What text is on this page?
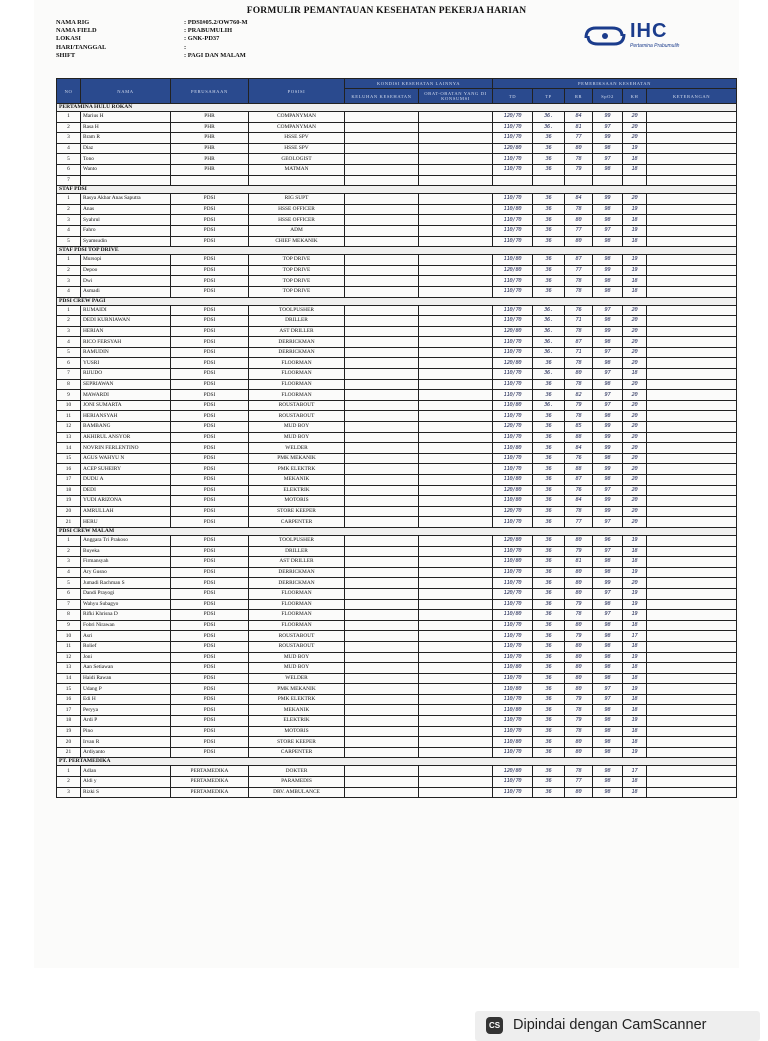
FORMULIR PEMANTAUAN KESEHATAN PEKERJA HARIAN
NAMA RIG	: PDSI#05.2/OW760-M
NAMA FIELD	: PRABUMULIH
LOKASI	: GNK-PD37
HARI/TANGGAL	:
SHIFT	: PAGI DAN MALAM
IHC
Pertamina Prabumulih
NO	NAMA	PERUSAHAAN	POSISI	KONDISI KESEHATAN LAINNYA		PEMERIKSAAN KESEHATAN					
				KELUHAN KESEHATAN	OBAT-OBATAN YANG DI KONSUMSI	TD	TP	RR	SpO2	KH	KETERANGAN
PERTAMINA HULU ROKAN											
1	Marius H	PHR	COMPANYMAN			120/70	36.	84	99	20	
2	Rasa H	PHR	COMPANYMAN			110/70	36.	81	97	20	
3	Bram R	PHR	HSSE SPV			110/70	36	77	99	20	
4	Diaz	PHR	HSSE SPV			120/80	36	80	98	19	
5	Tono	PHR	GEOLOGIST			110/70	36	78	97	18	
6	Wanto	PHR	MATMAN			110/70	36	79	98	18	
7											
STAF PDSI											
1	Rasya Akbar Anas Saputra	PDSI	RIG SUPT			110/70	36	84	99	20	
2	Anas	PDSI	HSSE OFFICER			110/80	36	78	98	19	
3	Syahrul	PDSI	HSSE OFFICER			110/70	36	80	98	18	
4	Fahro	PDSI	ADM			110/70	36	77	97	19	
5	Syamsudin	PDSI	CHIEF MEKANIK			110/70	36	80	98	18	
STAF PDSI TOP DRIVE											
1	Mursopi	PDSI	TOP DRIVE			110/80	36	87	98	19	
2	Depoo	PDSI	TOP DRIVE			120/80	36	77	99	19	
3	Dwi	PDSI	TOP DRIVE			110/70	36	78	98	18	
4	Asmadi	PDSI	TOP DRIVE			110/70	36	78	98	18	
PDSI CREW PAGI											
1	RUMAIDI	PDSI	TOOLPUSHER			110/70	36.	76	97	20	
2	DEDI KURNIAWAN	PDSI	DRILLER			110/70	36.	71	98	20	
3	HERIAN	PDSI	AST DRILLER			120/80	36.	78	99	20	
4	RICO FERSYAH	PDSI	DERRICKMAN			110/70	36.	87	98	20	
5	RAMUDIN	PDSI	DERRICKMAN			110/70	36.	71	97	20	
6	YUSRI	PDSI	FLOORMAN			120/80	36	78	98	20	
7	RIJUDO	PDSI	FLOORMAN			110/70	36.	80	97	18	
8	SEPRIAWAN	PDSI	FLOORMAN			110/70	36	78	98	20	
9	MAWARDI	PDSI	FLOORMAN			110/70	36	82	97	20	
10	JONI SUMARTA	PDSI	ROUSTABOUT			110/80	36.	79	97	20	
11	HERIANSYAH	PDSI	ROUSTABOUT			110/70	36	78	98	20	
12	BAMBANG	PDSI	MUD BOY			120/70	36	85	99	20	
13	AKHIRUL ANSYOR	PDSI	MUD BOY			110/70	36	88	99	20	
14	NOVRIN FERLENTINO	PDSI	WELDER			110/80	36	84	99	20	
15	AGUS WAHYU N	PDSI	PMK MEKANIK			110/70	36	76	98	20	
16	ACEP SUHEIRY	PDSI	PMK ELEKTRK			110/70	36	88	99	20	
17	DUDU A	PDSI	MEKANIK			110/80	36	87	98	20	
18	DEDI	PDSI	ELEKTRIK			120/80	36	76	97	20	
19	YUDI ARIZONA	PDSI	MOTORIS			110/80	36	84	99	20	
20	AMRULLAH	PDSI	STORE KEEPER			120/70	36	78	99	20	
21	HERU	PDSI	CARPENTER			110/70	36	77	97	20	
PDSI CREW MALAM											
1	Anggara Tri Prakoso	PDSI	TOOLPUSHER			120/80	36	80	96	19	
2	Buyeka	PDSI	DRILLER			110/70	36	79	97	18	
3	Firmansyah	PDSI	AST DRILLER			110/80	36	81	98	18	
4	Ary Gusno	PDSI	DERRICKMAN			110/70	36	80	98	19	
5	Jumadi Rachman S	PDSI	DERRICKMAN			110/70	36	80	99	20	
6	Dandi Prayogi	PDSI	FLOORMAN			120/70	36	80	97	19	
7	Wahyu Subagyo	PDSI	FLOORMAN			110/70	36	79	98	19	
8	Rifki Khrisna D	PDSI	FLOORMAN			110/80	36	78	97	19	
9	Fobri Nirawan	PDSI	FLOORMAN			110/70	36	80	98	18	
10	Asri	PDSI	ROUSTABOUT			110/70	36	79	98	17	
11	Rolief	PDSI	ROUSTABOUT			110/70	36	80	98	18	
12	Joni	PDSI	MUD BOY			110/70	36	80	98	19	
13	Aan Setiawan	PDSI	MUD BOY			110/80	36	80	98	18	
14	Haidi Rawan	PDSI	WELDER			110/70	36	80	98	18	
15	Udang P	PDSI	PMK MEKANIK			110/80	36	80	97	19	
16	Edi H	PDSI	PMK ELEKTRK			110/70	36	79	97	18	
17	Peryya	PDSI	MEKANIK			110/80	36	78	98	18	
18	Ardi P	PDSI	ELEKTRIK			110/70	36	79	98	19	
19	Pino	PDSI	MOTORIS			110/70	36	78	98	18	
20	Irvan R	PDSI	STORE KEEPER			110/80	36	80	98	18	
21	Ardiyanto	PDSI	CARPENTER			110/70	36	80	98	19	
PT. PERTAMEDIKA											
1	Adlan	PERTAMEDIKA	DOKTER			120/80	36	78	98	17	
2	Aldi y	PERTAMEDIKA	PARAMEDIS			110/70	36	77	98	18	
3	Rizki S	PERTAMEDIKA	DRV. AMBULANCE			110/70	36	80	98	18	
CS Dipindai dengan CamScanner
